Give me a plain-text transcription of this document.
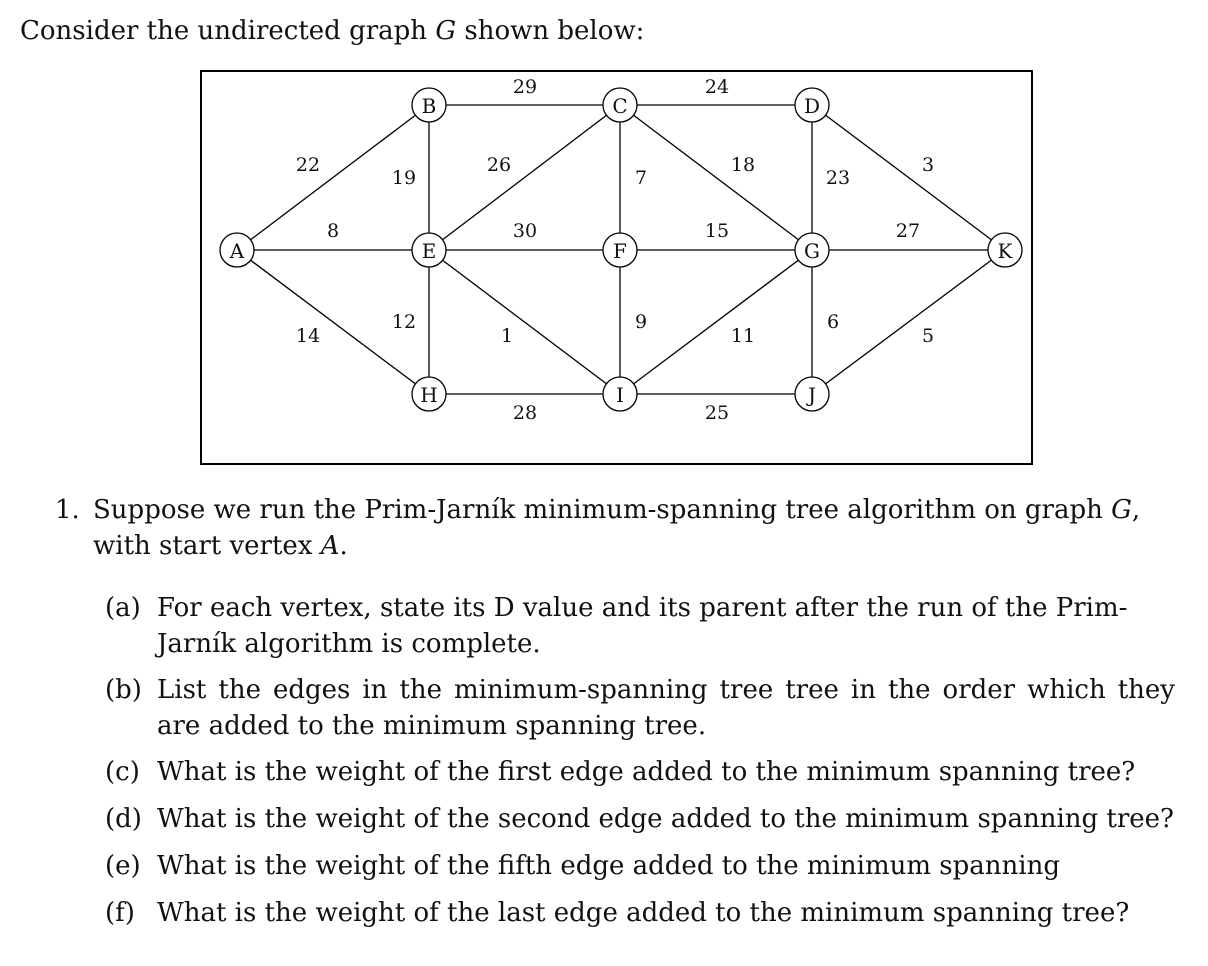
Consider the undirected graph G shown below:
29	24
22
19
26
7
18
23
3
8	30	15	27
14
12
1
9
11
6
5
28	25
A
B	C	D
E	F	G
H	I	J
K
1. Suppose we run the Prim-Jarník minimum-spanning tree algorithm on graph G, with start vertex A.
(a) For each vertex, state its D value and its parent after the run of the Prim-Jarník algorithm is complete.
(b) List the edges in the minimum-spanning tree tree in the order which they are added to the minimum spanning tree.
(c) What is the weight of the first edge added to the minimum spanning tree?
(d) What is the weight of the second edge added to the minimum spanning tree?
(e) What is the weight of the fifth edge added to the minimum spanning
(f) What is the weight of the last edge added to the minimum spanning tree?
